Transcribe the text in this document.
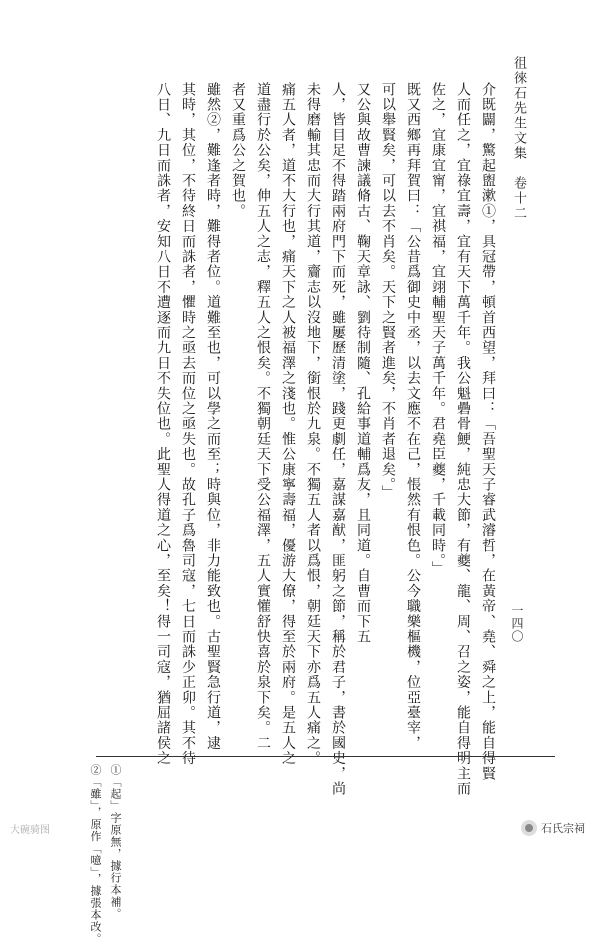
徂徠石先生文集　卷十二
一四〇
介既闢，驚起盥漱①，具冠帶，頓首西望，拜曰：「吾聖天子睿武濬哲，在黃帝、堯、舜之上，能自得賢
人而任之，宜祿宜壽，宜有天下萬千年。我公魁礨骨鯁，純忠大節，有夔、龍、周、召之姿，能自得明主而
佐之，宜康宜甯，宜祺福，宜翊輔聖天子萬千年。君堯臣夔，千載同時。」
既又西鄉再拜賀曰：「公昔爲御史中丞，以去文應不在己，悵然有恨色。公今職樂樞機，位亞臺宰，
可以舉賢矣，可以去不肖矣。天下之賢者進矣，不肖者退矣。」
又公與故曹諫議脩古、鞠天章詠、劉待制隨、孔給事道輔爲友，且同道。自曹而下五
人，皆目足不得踏兩府門下而死，雖屢歷清塗，踐更劇任，嘉謀嘉猷，匪躬之節，稱於君子，書於國史，尚
未得磨輸其忠而大行其道，齎志以沒地下，銜恨於九泉。不獨五人者以爲恨，朝廷天下亦爲五人痛之。
痛五人者，道不大行也，痛天下之人被福澤之淺也。惟公康寧壽福，優游大僚，得至於兩府。是五人之
道盡行於公矣，伸五人之志，釋五人之恨矣。不獨朝廷天下受公福澤，五人實懽舒快喜於泉下矣。二
者又重爲公之賀也。
雖然②，難逢者時，難得者位。道難至也，可以學之而至；時與位，非力能致也。古聖賢急行道，逮
其時，其位，不待終日而誅者，懼時之亟去而位之亟失也。故孔子爲魯司寇，七日而誅少正卯。其不待
八日、九日而誅者，安知八日不遭逐而九日不失位也。此聖人得道之心，至矣！得一司寇，猶屈諸侯之
①「起」字原無，據行本補。
②「雖」，原作「噫」，據張本改。
大碗骑图	石氏宗祠
